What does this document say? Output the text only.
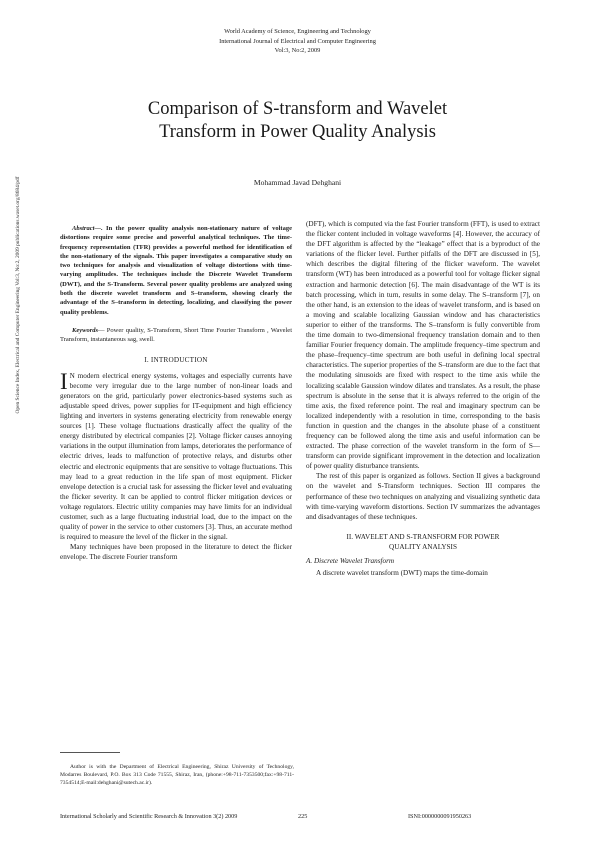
World Academy of Science, Engineering and Technology
International Journal of Electrical and Computer Engineering
Vol:3, No:2, 2009
Comparison of S-transform and Wavelet
Transform in Power Quality Analysis
Mohammad Javad Dehghani
Open Science Index, Electrical and Computer Engineering Vol:3, No:2, 2009 publications.waset.org/8684/pdf	Abstract—. In the power quality analysis non-stationary nature of voltage distortions require some precise and powerful analytical techniques. The time-frequency representation (TFR) provides a powerful method for identification of the non-stationary of the signals. This paper investigates a comparative study on two techniques for analysis and visualization of voltage distortions with time-varying amplitudes. The techniques include the Discrete Wavelet Transform (DWT), and the S-Transform. Several power quality problems are analyzed using both the discrete wavelet transform and S–transform, showing clearly the advantage of the S–transform in detecting, localizing, and classifying the power quality problems.

Keywords— Power quality, S-Transform, Short Time Fourier Transform , Wavelet Transform, instantaneous sag, swell.

I. INTRODUCTION

I N modern electrical energy systems, voltages and especially currents have become very irregular due to the large number of non-linear loads and generators on the grid, particularly power electronics-based systems such as adjustable speed drives, power supplies for IT-equipment and high efficiency lighting and inverters in systems generating electricity from renewable energy sources [1]. These voltage fluctuations drastically affect the quality of the energy distributed by electrical companies [2]. Voltage flicker causes annoying variations in the output illumination from lamps, deteriorates the performance of electric drives, leads to malfunction of protective relays, and disturbs other electric and electronic equipments that are sensitive to voltage fluctuations. This may lead to a great reduction in the life span of most equipment. Flicker envelope detection is a crucial task for assessing the flicker level and evaluating the flicker severity. It can be applied to control flicker mitigation devices or voltage regulators. Electric utility companies may have limits for an individual customer, such as a large fluctuating industrial load, due to the impact on the quality of power in the service to other customers [3]. Thus, an accurate method is required to measure the level of the flicker in the signal.

Many techniques have been proposed in the literature to detect the flicker envelope. The discrete Fourier transform

(DFT), which is computed via the fast Fourier transform (FFT), is used to extract the flicker content included in voltage waveforms [4]. However, the accuracy of the DFT algorithm is affected by the “leakage” effect that is a byproduct of the variations of the flicker level. Further pitfalls of the DFT are discussed in [5], which describes the digital filtering of the flicker waveform. The wavelet transform (WT) has been introduced as a powerful tool for voltage flicker signal extraction and harmonic detection [6]. The main disadvantage of the WT is its batch processing, which in turn, results in some delay. The S–transform [7], on the other hand, is an extension to the ideas of wavelet transform, and is based on a moving and scalable localizing Gaussian window and has characteristics superior to either of the transforms. The S–transform is fully convertible from the time domain to two-dimensional frequency translation domain and to then familiar Fourier frequency domain. The amplitude frequency–time spectrum and the phase–frequency–time spectrum are both useful in defining local spectral characteristics. The superior properties of the S–transform are due to the fact that the modulating sinusoids are fixed with respect to the time axis while the localizing scalable Gaussion window dilates and translates. As a result, the phase spectrum is absolute in the sense that it is always referred to the origin of the time axis, the fixed reference point. The real and imaginary spectrum can be localized independently with a resolution in time, corresponding to the basis function in question and the changes in the absolute phase of a constituent frequency can be followed along the time axis and useful information can be extracted. The phase correction of the wavelet transform in the form of S—transform can provide significant improvement in the detection and localization of power quality disturbance transients.

The rest of this paper is organized as follows. Section II gives a background on the wavelet and S-Transform techniques. Section III compares the performance of these two techniques on analyzing and visualizing synthetic data with time-varying waveform distortions. Section IV summarizes the advantages and disadvantages of these techniques.

II. WAVELET AND S-TRANSFORM FOR POWER
QUALITY ANALYSIS

A. Discrete Wavelet Transform

A discrete wavelet transform (DWT) maps the time-domain

Author is with the Department of Electrical Engineering, Shiraz University of Technology, Modarres Boulevard, P.O. Box 313 Code 71555, Shiraz, Iran, (phone:+98-711-7353500;fax:+98-711-7354514;E-mail:dehghani@sutech.ac.ir).
International Scholarly and Scientific Research & Innovation 3(2) 2009	225	ISNI:0000000091950263
